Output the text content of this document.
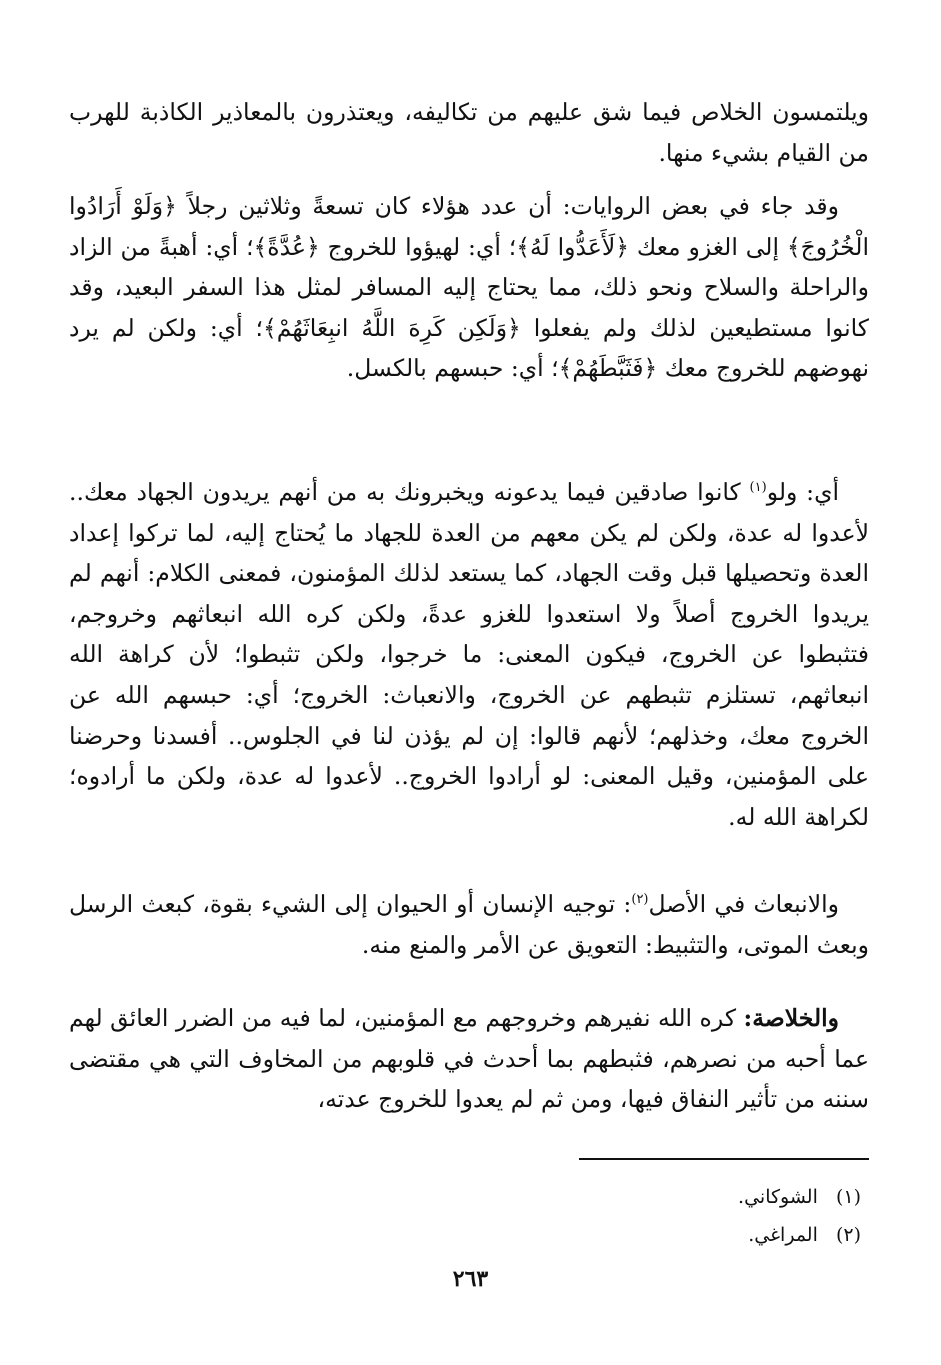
ويلتمسون الخلاص فيما شق عليهم من تكاليفه، ويعتذرون بالمعاذير الكاذبة للهرب من القيام بشيء منها.

وقد جاء في بعض الروايات: أن عدد هؤلاء كان تسعةً وثلاثين رجلاً ﴿وَلَوْ أَرَادُوا الْخُرُوجَ﴾ إلى الغزو معك ﴿لَأَعَدُّوا لَهُ﴾؛ أي: لهيؤوا للخروج ﴿عُدَّةً﴾؛ أي: أهبةً من الزاد والراحلة والسلاح ونحو ذلك، مما يحتاج إليه المسافر لمثل هذا السفر البعيد، وقد كانوا مستطيعين لذلك ولم يفعلوا ﴿وَلَكِن كَرِهَ اللَّهُ انبِعَاثَهُمْ﴾؛ أي: ولكن لم يرد نهوضهم للخروج معك ﴿فَثَبَّطَهُمْ﴾؛ أي: حبسهم بالكسل.

أي: ولو$^{(١)}$ كانوا صادقين فيما يدعونه ويخبرونك به من أنهم يريدون الجهاد معك.. لأعدوا له عدة، ولكن لم يكن معهم من العدة للجهاد ما يُحتاج إليه، لما تركوا إعداد العدة وتحصيلها قبل وقت الجهاد، كما يستعد لذلك المؤمنون، فمعنى الكلام: أنهم لم يريدوا الخروج أصلاً ولا استعدوا للغزو عدةً، ولكن كره الله انبعاثهم وخروجم، فتثبطوا عن الخروج، فيكون المعنى: ما خرجوا، ولكن تثبطوا؛ لأن كراهة الله انبعاثهم، تستلزم تثبطهم عن الخروج، والانعباث: الخروج؛ أي: حبسهم الله عن الخروج معك، وخذلهم؛ لأنهم قالوا: إن لم يؤذن لنا في الجلوس.. أفسدنا وحرضنا على المؤمنين، وقيل المعنى: لو أرادوا الخروج.. لأعدوا له عدة، ولكن ما أرادوه؛ لكراهة الله له.

والانبعاث في الأصل$^{(٢)}$: توجيه الإنسان أو الحيوان إلى الشيء بقوة، كبعث الرسل وبعث الموتى، والتثبيط: التعويق عن الأمر والمنع منه.

والخلاصة: كره الله نفيرهم وخروجهم مع المؤمنين، لما فيه من الضرر العائق لهم عما أحبه من نصرهم، فثبطهم بما أحدث في قلوبهم من المخاوف التي هي مقتضى سننه من تأثير النفاق فيها، ومن ثم لم يعدوا للخروج عدته،

(١) الشوكاني.
(٢) المراغي.
٢٦٣
